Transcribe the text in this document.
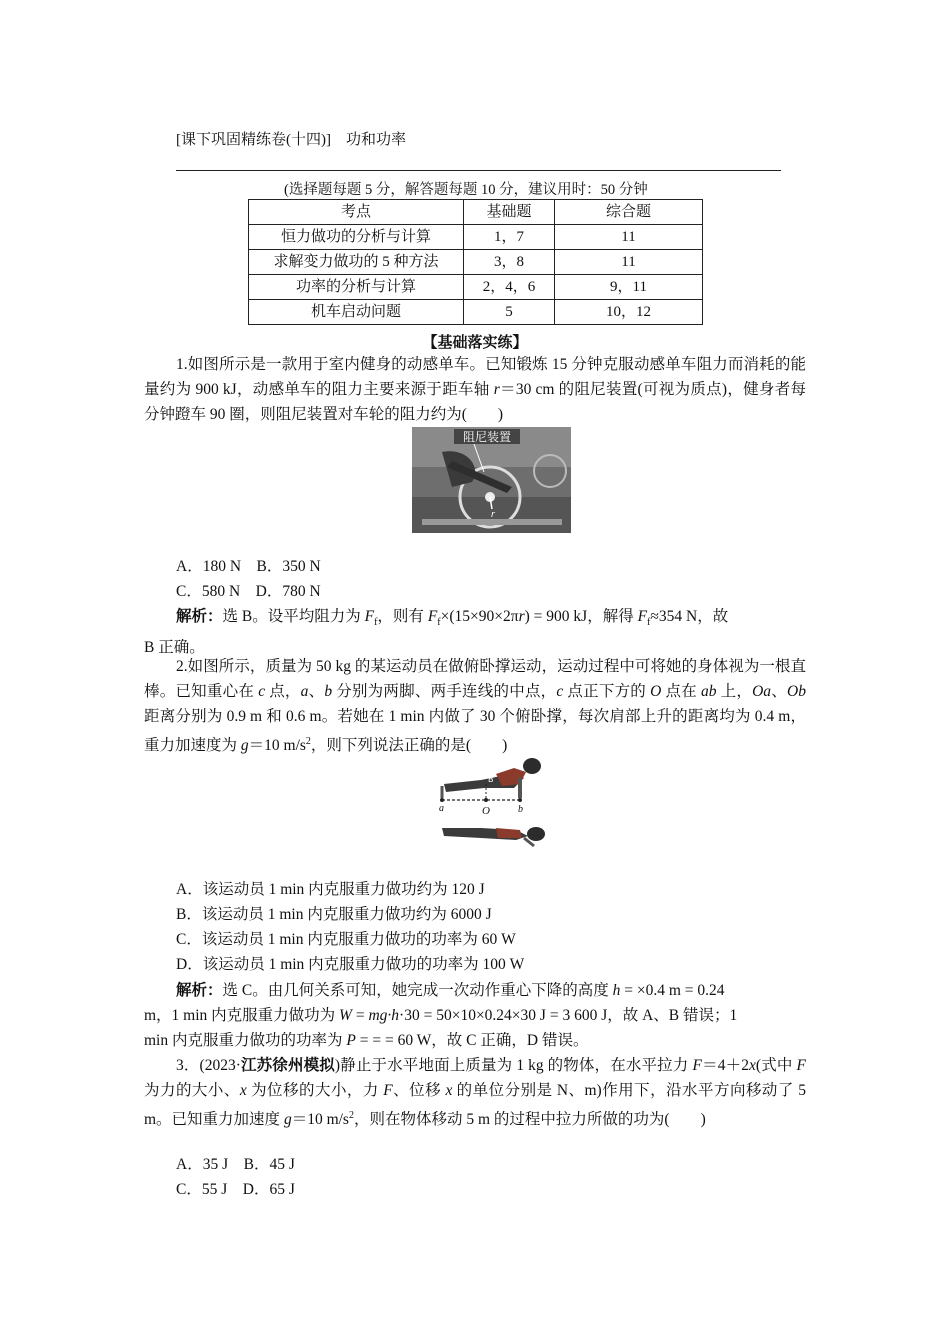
[课下巩固精练卷(十四)]　 功和功率
(选择题每题 5 分，解答题每题 10 分，建议用时：50 分钟
考点	基础题	综合题
恒力做功的分析与计算	1，7	11
求解变力做功的 5 种方法	3，8	11
功率的分析与计算	2，4，6	9，11
机车启动问题	5	10，12
【基础落实练】
1.如图所示是一款用于室内健身的动感单车。已知锻炼 15 分钟克服动感单车阻力而消耗的能量约为 900 kJ，动感单车的阻力主要来源于距车轴 r＝30 cm 的阻尼装置(可视为质点)，健身者每分钟蹬车 90 圈，则阻尼装置对车轮的阻力约为(　　)
阻尼装置
r
A．180 N　B．350 N
C．580 N　D．780 N
解析：选 B。设平均阻力为 $F_f$，则有 $F_f\times(15\times 90\times 2\pi r) = 900$ kJ，解得 $F_f\approx 354$ N，故
B 正确。
2.如图所示，质量为 50 kg 的某运动员在做俯卧撑运动，运动过程中可将她的身体视为一根直棒。已知重心在 c 点，a、b 分别为两脚、两手连线的中点，c 点正下方的 O 点在 ab 上，Oa、Ob 距离分别为 0.9 m 和 0.6 m。若她在 1 min 内做了 30 个俯卧撑，每次肩部上升的距离均为 0.4 m，重力加速度为 g＝10 $m/s^2$，则下列说法正确的是(　　)
B
a	O	b
A．该运动员 1 min 内克服重力做功约为 120 J
B．该运动员 1 min 内克服重力做功约为 6000 J
C．该运动员 1 min 内克服重力做功的功率为 60 W
D．该运动员 1 min 内克服重力做功的功率为 100 W
解析：选 C。由几何关系可知，她完成一次动作重心下降的高度 h = ×0.4 m = 0.24
m，1 min 内克服重力做功为 W = mg·h·30 = 50×10×0.24×30 J = 3 600 J，故 A、B 错误；1
min 内克服重力做功的功率为 P = = = 60 W，故 C 正确，D 错误。
3．(2023·江苏徐州模拟)静止于水平地面上质量为 1 kg 的物体，在水平拉力 F＝4＋2x(式中 F 为力的大小、x 为位移的大小，力 F、位移 x 的单位分别是 N、m)作用下，沿水平方向移动了 5 m。已知重力加速度 g＝10 $m/s^2$，则在物体移动 5 m 的过程中拉力所做的功为(　　)
A．35 J　B．45 J
C．55 J　D．65 J
